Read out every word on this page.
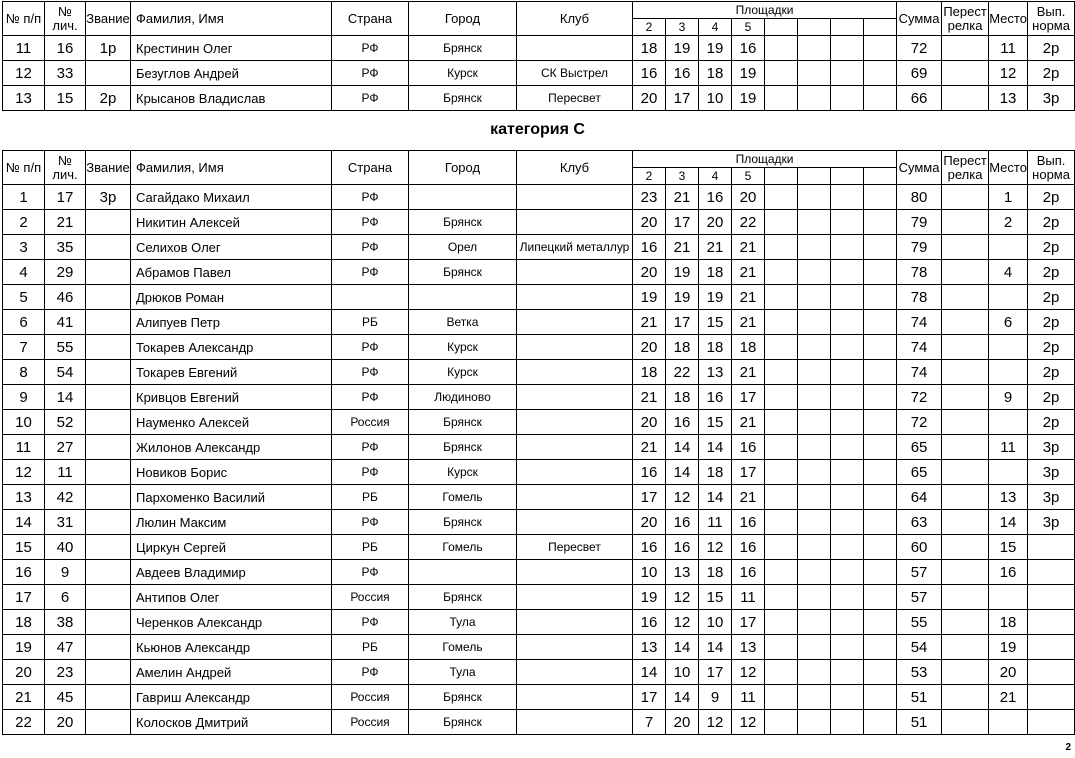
№ п/п	№ лич.	Звание	Фамилия, Имя	Страна	Город	Клуб	Площадки								Сумма	Перест релка	Место	Вып. норма
							2	3	4	5								
11	16	1р	Крестинин Олег	РФ	Брянск		18	19	19	16					72		11	2р
12	33		Безуглов Андрей	РФ	Курск	СК Выстрел	16	16	18	19					69		12	2р
13	15	2р	Крысанов Владислав	РФ	Брянск	Пересвет	20	17	10	19					66		13	3р
категория С
№ п/п	№ лич.	Звание	Фамилия, Имя	Страна	Город	Клуб	Площадки								Сумма	Перест релка	Место	Вып. норма
							2	3	4	5								
1	17	3р	Сагайдако Михаил	РФ			23	21	16	20					80		1	2р
2	21		Никитин Алексей	РФ	Брянск		20	17	20	22					79		2	2р
3	35		Селихов Олег	РФ	Орел	Липецкий металлур	16	21	21	21					79			2р
4	29		Абрамов Павел	РФ	Брянск		20	19	18	21					78		4	2р
5	46		Дрюков Роман				19	19	19	21					78			2р
6	41		Алипуев Петр	РБ	Ветка		21	17	15	21					74		6	2р
7	55		Токарев Александр	РФ	Курск		20	18	18	18					74			2р
8	54		Токарев Евгений	РФ	Курск		18	22	13	21					74			2р
9	14		Кривцов Евгений	РФ	Людиново		21	18	16	17					72		9	2р
10	52		Науменко Алексей	Россия	Брянск		20	16	15	21					72			2р
11	27		Жилонов Александр	РФ	Брянск		21	14	14	16					65		11	3р
12	11		Новиков Борис	РФ	Курск		16	14	18	17					65			3р
13	42		Пархоменко Василий	РБ	Гомель		17	12	14	21					64		13	3р
14	31		Люлин Максим	РФ	Брянск		20	16	11	16					63		14	3р
15	40		Циркун Сергей	РБ	Гомель	Пересвет	16	16	12	16					60		15	
16	9		Авдеев Владимир	РФ			10	13	18	16					57		16	
17	6		Антипов Олег	Россия	Брянск		19	12	15	11					57			
18	38		Черенков Александр	РФ	Тула		16	12	10	17					55		18	
19	47		Кьюнов Александр	РБ	Гомель		13	14	14	13					54		19	
20	23		Амелин Андрей	РФ	Тула		14	10	17	12					53		20	
21	45		Гавриш Александр	Россия	Брянск		17	14	9	11					51		21	
22	20		Колосков Дмитрий	Россия	Брянск		7	20	12	12					51			
2
